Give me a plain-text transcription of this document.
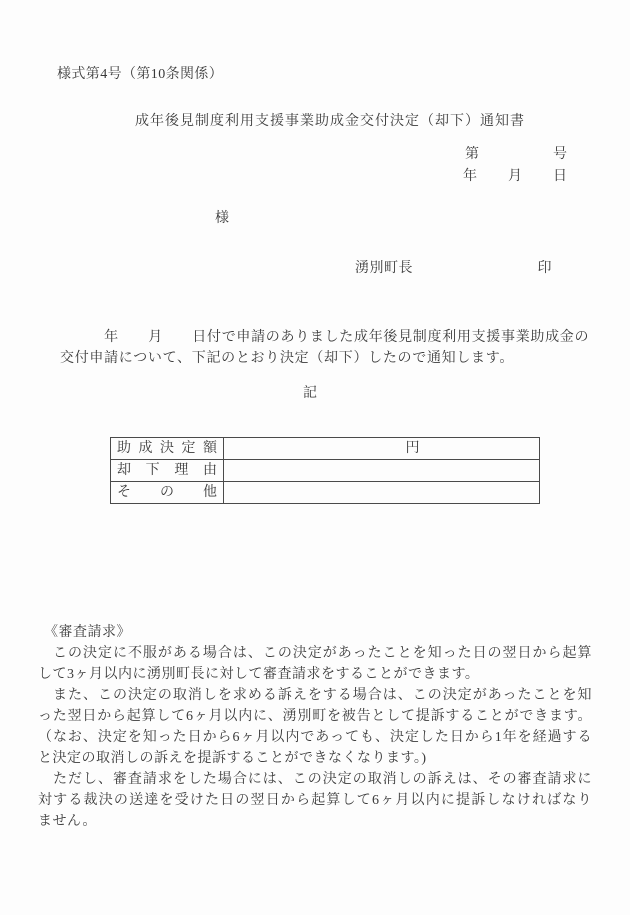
様式第4号（第10条関係）
成年後見制度利用支援事業助成金交付決定（却下）通知書
第	号
年 月 日
様
湧別町長	印
　　　年　　月　　日付で申請のありました成年後見制度利用支援事業助成金の
交付申請について、下記のとおり決定（却下）したので通知します。
記
助 成 決 定 額	円
却 下 理 由	
そ の 他	
《審査請求》
　この決定に不服がある場合は、この決定があったことを知った日の翌日から起算
して3ヶ月以内に湧別町長に対して審査請求をすることができます。
　また、この決定の取消しを求める訴えをする場合は、この決定があったことを知
った翌日から起算して6ヶ月以内に、湧別町を被告として提訴することができます。
（なお、決定を知った日から6ヶ月以内であっても、決定した日から1年を経過する
と決定の取消しの訴えを提訴することができなくなります。)
　ただし、審査請求をした場合には、この決定の取消しの訴えは、その審査請求に
対する裁決の送達を受けた日の翌日から起算して6ヶ月以内に提訴しなければなり
ません。
